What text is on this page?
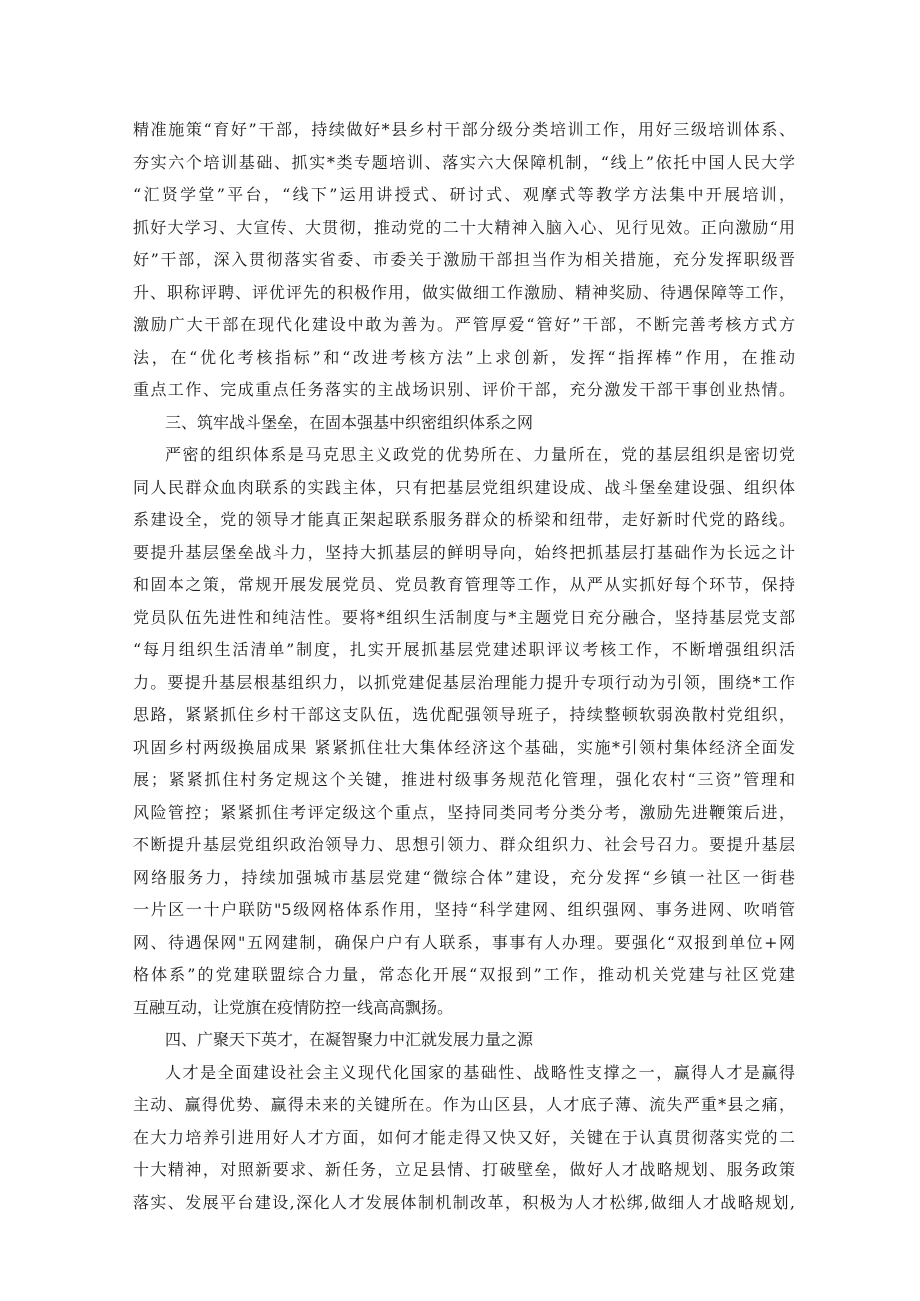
精准施策“育好”干部，持续做好*县乡村干部分级分类培训工作，用好三级培训体系、
夯实六个培训基础、抓实*类专题培训、落实六大保障机制，“线上”依托中国人民大学
“汇贤学堂”平台，“线下”运用讲授式、研讨式、观摩式等教学方法集中开展培训，
抓好大学习、大宣传、大贯彻，推动党的二十大精神入脑入心、见行见效。正向激励“用
好”干部，深入贯彻落实省委、市委关于激励干部担当作为相关措施，充分发挥职级晋
升、职称评聘、评优评先的积极作用，做实做细工作激励、精神奖励、待遇保障等工作，
激励广大干部在现代化建设中敢为善为。严管厚爱“管好”干部，不断完善考核方式方
法，在“优化考核指标”和“改进考核方法”上求创新，发挥“指挥棒”作用，在推动
重点工作、完成重点任务落实的主战场识别、评价干部，充分激发干部干事创业热情。
三、筑牢战斗堡垒，在固本强基中织密组织体系之网
严密的组织体系是马克思主义政党的优势所在、力量所在，党的基层组织是密切党
同人民群众血肉联系的实践主体，只有把基层党组织建设成、战斗堡垒建设强、组织体
系建设全，党的领导才能真正架起联系服务群众的桥梁和纽带，走好新时代党的路线。
要提升基层堡垒战斗力，坚持大抓基层的鲜明导向，始终把抓基层打基础作为长远之计
和固本之策，常规开展发展党员、党员教育管理等工作，从严从实抓好每个环节，保持
党员队伍先进性和纯洁性。要将*组织生活制度与*主题党日充分融合，坚持基层党支部
“每月组织生活清单”制度，扎实开展抓基层党建述职评议考核工作，不断增强组织活
力。要提升基层根基组织力，以抓党建促基层治理能力提升专项行动为引领，围绕*工作
思路，紧紧抓住乡村干部这支队伍，选优配强领导班子，持续整顿软弱涣散村党组织，
巩固乡村两级换届成果 紧紧抓住壮大集体经济这个基础，实施*引领村集体经济全面发
展；紧紧抓住村务定规这个关键，推进村级事务规范化管理，强化农村“三资”管理和
风险管控；紧紧抓住考评定级这个重点，坚持同类同考分类分考，激励先进鞭策后进，
不断提升基层党组织政治领导力、思想引领力、群众组织力、社会号召力。要提升基层
网络服务力，持续加强城市基层党建“微综合体”建设，充分发挥“乡镇一社区一街巷
一片区一十户联防"5级网格体系作用，坚持“科学建网、组织强网、事务进网、吹哨管
网、待遇保网"五网建制，确保户户有人联系，事事有人办理。要强化“双报到单位+网
格体系”的党建联盟综合力量，常态化开展“双报到”工作，推动机关党建与社区党建
互融互动，让党旗在疫情防控一线高高飘扬。
四、广聚天下英才，在凝智聚力中汇就发展力量之源
人才是全面建设社会主义现代化国家的基础性、战略性支撑之一，赢得人才是赢得
主动、赢得优势、赢得未来的关键所在。作为山区县，人才底子薄、流失严重*县之痛，
在大力培养引进用好人才方面，如何才能走得又快又好，关键在于认真贯彻落实党的二
十大精神，对照新要求、新任务，立足县情、打破壁垒，做好人才战略规划、服务政策
落实、发展平台建设,深化人才发展体制机制改革，积极为人才松绑,做细人才战略规划,
